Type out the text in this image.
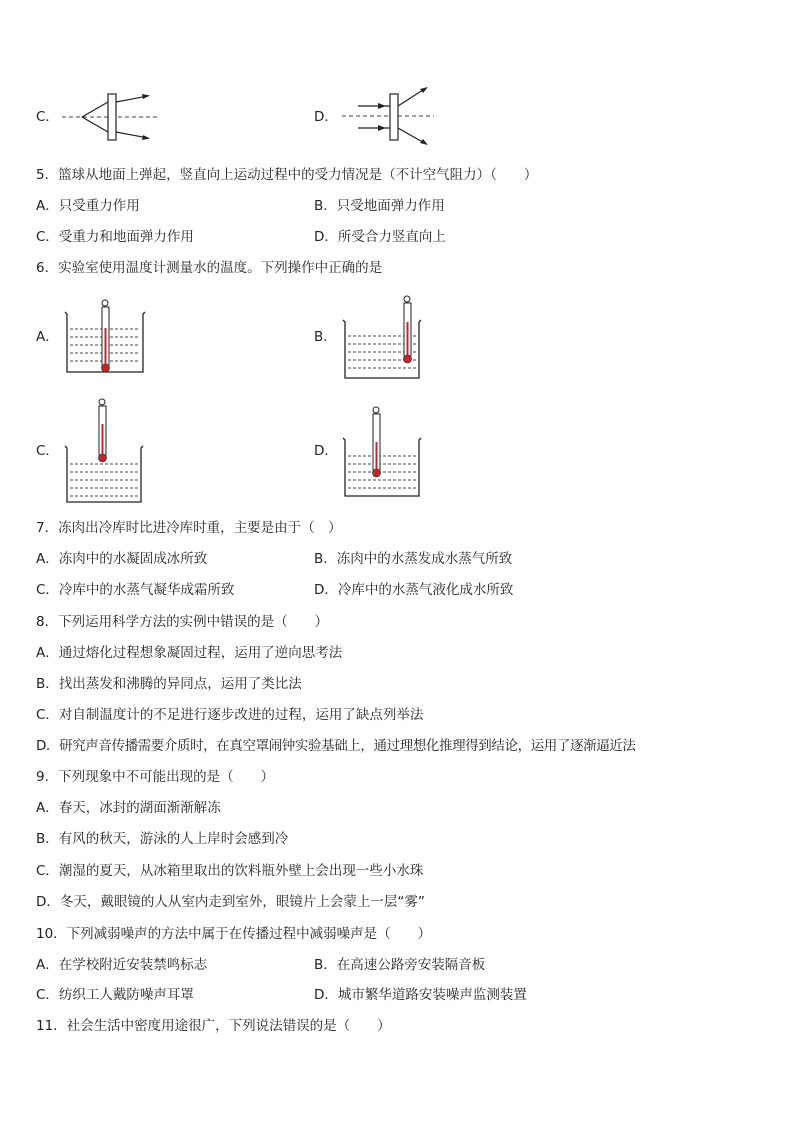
C．	D．
5．篮球从地面上弹起，竖直向上运动过程中的受力情况是（不计空气阻力）（　　）
A．只受重力作用	B．只受地面弹力作用
C．受重力和地面弹力作用	D．所受合力竖直向上
6．实验室使用温度计测量水的温度。下列操作中正确的是
A．	B．
C．	D．
7．冻肉出冷库时比进冷库时重，主要是由于（　）
A．冻肉中的水凝固成冰所致	B．冻肉中的水蒸发成水蒸气所致
C．冷库中的水蒸气凝华成霜所致	D．冷库中的水蒸气液化成水所致
8．下列运用科学方法的实例中错误的是（　　）
A．通过熔化过程想象凝固过程，运用了逆向思考法
B．找出蒸发和沸腾的异同点，运用了类比法
C．对自制温度计的不足进行逐步改进的过程，运用了缺点列举法
D．研究声音传播需要介质时，在真空罩闹钟实验基础上，通过理想化推理得到结论，运用了逐渐逼近法
9．下列现象中不可能出现的是（　　）
A．春天，冰封的湖面渐渐解冻
B．有风的秋天，游泳的人上岸时会感到冷
C．潮湿的夏天，从冰箱里取出的饮料瓶外壁上会出现一些小水珠
D．冬天，戴眼镜的人从室内走到室外，眼镜片上会蒙上一层“雾”
10．下列减弱噪声的方法中属于在传播过程中减弱噪声是（　　）
A．在学校附近安装禁鸣标志	B．在高速公路旁安装隔音板
C．纺织工人戴防噪声耳罩	D．城市繁华道路安装噪声监测装置
11．社会生活中密度用途很广，下列说法错误的是（　　）
